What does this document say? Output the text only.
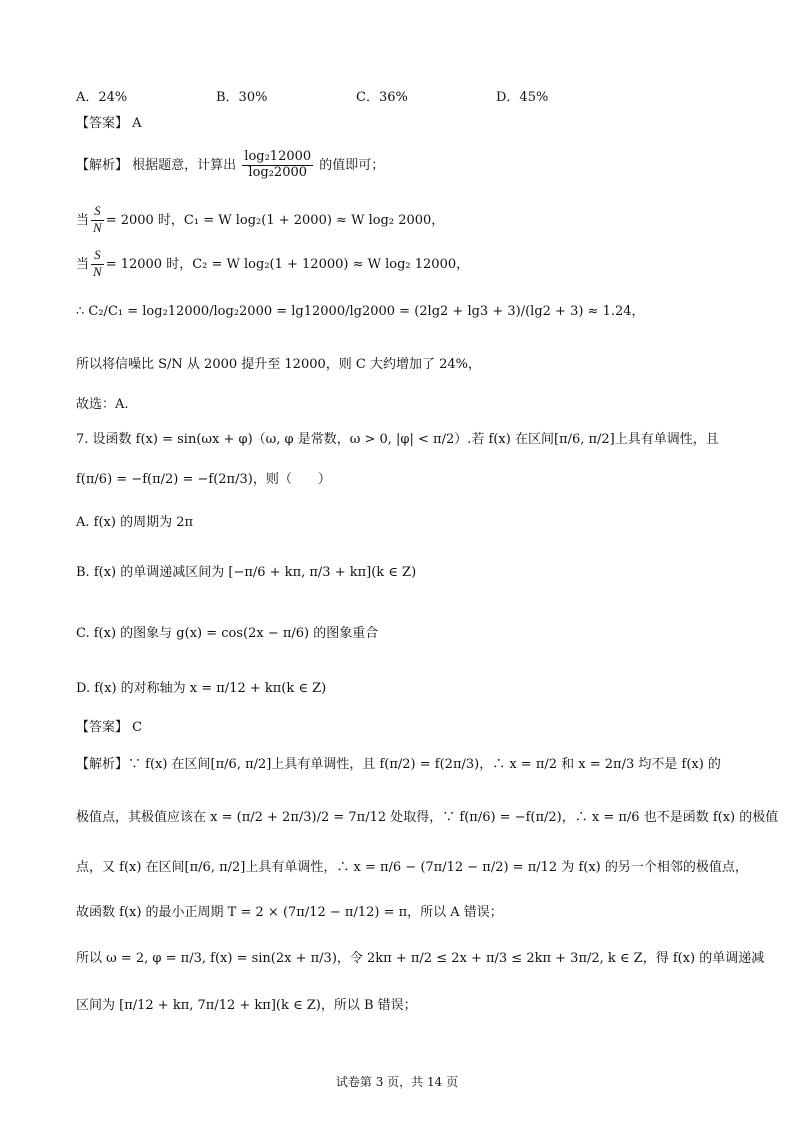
A．24%	B．30%	C．36%	D．45%
【答案】 A
【解析】 根据题意，计算出 $\frac{\text{log₂12000}}{\text{log₂2000}}$ 的值即可；
当 $\frac{S}{N} = 2000$ 时，C₁ = W log₂(1 + 2000) ≈ W log₂ 2000，
当 $\frac{S}{N} = 12000$ 时，C₂ = W log₂(1 + 12000) ≈ W log₂ 12000，
∴ C₂/C₁ = log₂12000/log₂2000 = lg12000/lg2000 = (2lg2 + lg3 + 3)/(lg2 + 3) ≈ 1.24，
所以将信噪比 S/N 从 2000 提升至 12000，则 C 大约增加了 24%，
故选：A.
7. 设函数 f(x) = sin(ωx + φ)（ω, φ 是常数，ω > 0, |φ| < π/2）.若 f(x) 在区间[π/6, π/2]上具有单调性，且
f(π/6) = −f(π/2) = −f(2π/3)，则（　　）
A. f(x) 的周期为 2π
B. f(x) 的单调递减区间为 [−π/6 + kπ, π/3 + kπ](k ∈ Z)
C. f(x) 的图象与 g(x) = cos(2x − π/6) 的图象重合
D. f(x) 的对称轴为 x = π/12 + kπ(k ∈ Z)
【答案】 C
【解析】∵ f(x) 在区间[π/6, π/2]上具有单调性，且 f(π/2) = f(2π/3)，∴ x = π/2 和 x = 2π/3 均不是 f(x) 的
极值点，其极值应该在 x = (π/2 + 2π/3)/2 = 7π/12 处取得，∵ f(π/6) = −f(π/2)，∴ x = π/6 也不是函数 f(x) 的极值
点，又 f(x) 在区间[π/6, π/2]上具有单调性，∴ x = π/6 − (7π/12 − π/2) = π/12 为 f(x) 的另一个相邻的极值点，
故函数 f(x) 的最小正周期 T = 2 × (7π/12 − π/12) = π，所以 A 错误；
所以 ω = 2, φ = π/3, f(x) = sin(2x + π/3)，令 2kπ + π/2 ≤ 2x + π/3 ≤ 2kπ + 3π/2, k ∈ Z，得 f(x) 的单调递减
区间为 [π/12 + kπ, 7π/12 + kπ](k ∈ Z)，所以 B 错误；
试卷第 3 页，共 14 页
